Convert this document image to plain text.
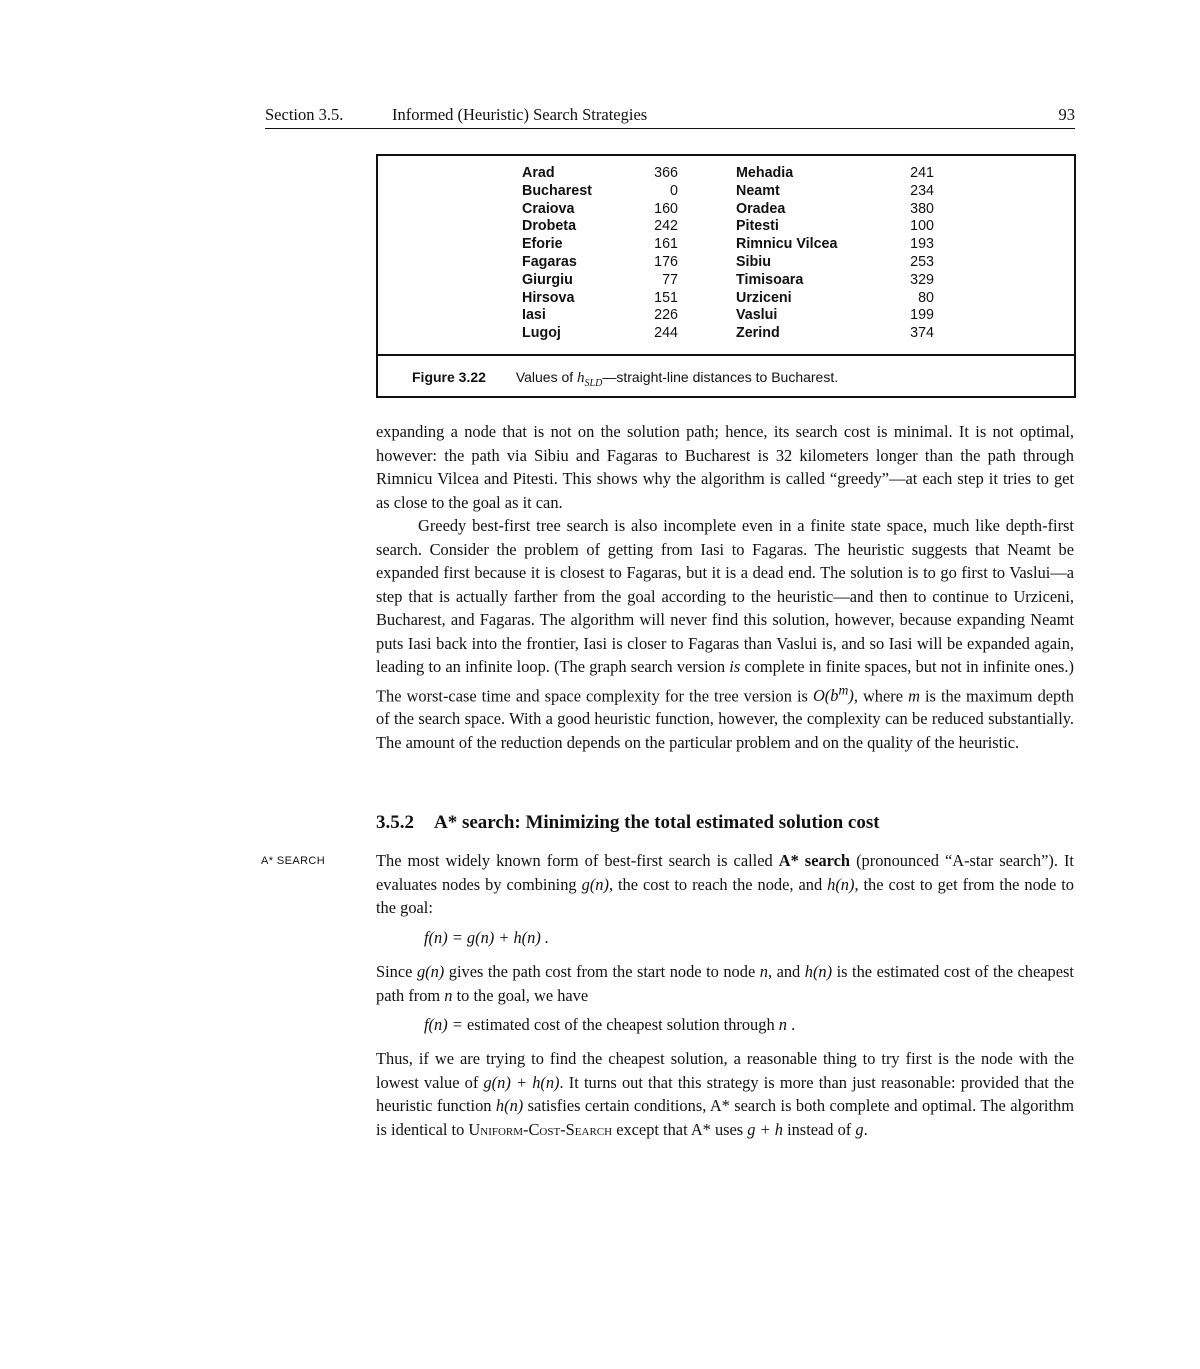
Section 3.5.	Informed (Heuristic) Search Strategies	93
Arad	366	Mehadia	241
Bucharest	0	Neamt	234
Craiova	160	Oradea	380
Drobeta	242	Pitesti	100
Eforie	161	Rimnicu Vilcea	193
Fagaras	176	Sibiu	253
Giurgiu	77	Timisoara	329
Hirsova	151	Urziceni	80
Iasi	226	Vaslui	199
Lugoj	244	Zerind	374
Figure 3.22 Values of $h_{SLD}—straight$-line distances to Bucharest.

expanding a node that is not on the solution path; hence, its search cost is minimal. It is not optimal, however: the path via Sibiu and Fagaras to Bucharest is 32 kilometers longer than the path through Rimnicu Vilcea and Pitesti. This shows why the algorithm is called “greedy”—at each step it tries to get as close to the goal as it can.

Greedy best-first tree search is also incomplete even in a finite state space, much like depth-first search. Consider the problem of getting from Iasi to Fagaras. The heuristic suggests that Neamt be expanded first because it is closest to Fagaras, but it is a dead end. The solution is to go first to Vaslui—a step that is actually farther from the goal according to the heuristic—and then to continue to Urziceni, Bucharest, and Fagaras. The algorithm will never find this solution, however, because expanding Neamt puts Iasi back into the frontier, Iasi is closer to Fagaras than Vaslui is, and so Iasi will be expanded again, leading to an infinite loop. (The graph search version is complete in finite spaces, but not in infinite ones.) The worst-case time and space complexity for the tree version is $O(b^m)$, where m is the maximum depth of the search space. With a good heuristic function, however, the complexity can be reduced substantially. The amount of the reduction depends on the particular problem and on the quality of the heuristic.

3.5.2 A* search: Minimizing the total estimated solution cost
A* SEARCH	The most widely known form of best-first search is called A* search (pronounced “A-star search”). It evaluates nodes by combining g(n), the cost to reach the node, and h(n), the cost to get from the node to the goal:

f(n) = g(n) + h(n) .

Since g(n) gives the path cost from the start node to node n, and h(n) is the estimated cost of the cheapest path from n to the goal, we have

f(n) = estimated cost of the cheapest solution through n .

Thus, if we are trying to find the cheapest solution, a reasonable thing to try first is the node with the lowest value of g(n) + h(n). It turns out that this strategy is more than just reasonable: provided that the heuristic function h(n) satisfies certain conditions, A* search is both complete and optimal. The algorithm is identical to Uniform-Cost-Search except that A* uses g + h instead of g.
